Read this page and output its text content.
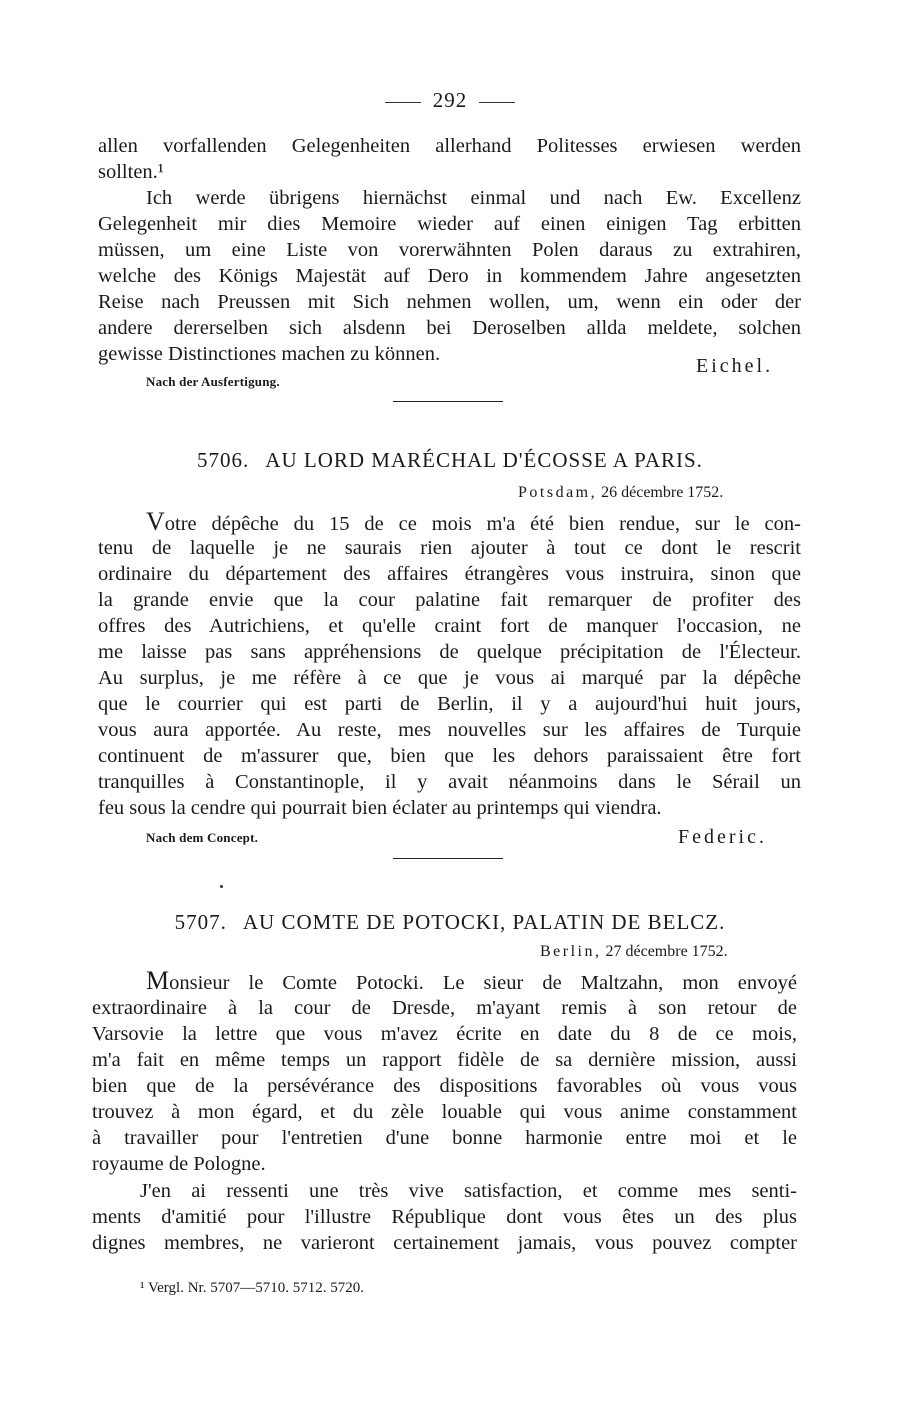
292
allen vorfallenden Gelegenheiten allerhand Politesses erwiesen werden
sollten.¹
Ich werde übrigens hiernächst einmal und nach Ew. Excellenz
Gelegenheit mir dies Memoire wieder auf einen einigen Tag erbitten
müssen, um eine Liste von vorerwähnten Polen daraus zu extrahiren,
welche des Königs Majestät auf Dero in kommendem Jahre angesetzten
Reise nach Preussen mit Sich nehmen wollen, um, wenn ein oder der
andere dererselben sich alsdenn bei Deroselben allda meldete, solchen
gewisse Distinctiones machen zu können.
Eichel.
Nach der Ausfertigung.
5706. AU LORD MARÉCHAL D'ÉCOSSE A PARIS.
Potsdam, 26 décembre 1752.
Votre dépêche du 15 de ce mois m'a été bien rendue, sur le con-
tenu de laquelle je ne saurais rien ajouter à tout ce dont le rescrit
ordinaire du département des affaires étrangères vous instruira, sinon que
la grande envie que la cour palatine fait remarquer de profiter des
offres des Autrichiens, et qu'elle craint fort de manquer l'occasion, ne
me laisse pas sans appréhensions de quelque précipitation de l'Électeur.
Au surplus, je me réfère à ce que je vous ai marqué par la dépêche
que le courrier qui est parti de Berlin, il y a aujourd'hui huit jours,
vous aura apportée. Au reste, mes nouvelles sur les affaires de Turquie
continuent de m'assurer que, bien que les dehors paraissaient être fort
tranquilles à Constantinople, il y avait néanmoins dans le Sérail un
feu sous la cendre qui pourrait bien éclater au printemps qui viendra.
Nach dem Concept.	Federic.
5707. AU COMTE DE POTOCKI, PALATIN DE BELCZ.
Berlin, 27 décembre 1752.
Monsieur le Comte Potocki. Le sieur de Maltzahn, mon envoyé
extraordinaire à la cour de Dresde, m'ayant remis à son retour de
Varsovie la lettre que vous m'avez écrite en date du 8 de ce mois,
m'a fait en même temps un rapport fidèle de sa dernière mission, aussi
bien que de la persévérance des dispositions favorables où vous vous
trouvez à mon égard, et du zèle louable qui vous anime constamment
à travailler pour l'entretien d'une bonne harmonie entre moi et le
royaume de Pologne.
J'en ai ressenti une très vive satisfaction, et comme mes senti-
ments d'amitié pour l'illustre République dont vous êtes un des plus
dignes membres, ne varieront certainement jamais, vous pouvez compter
¹ Vergl. Nr. 5707—5710. 5712. 5720.
